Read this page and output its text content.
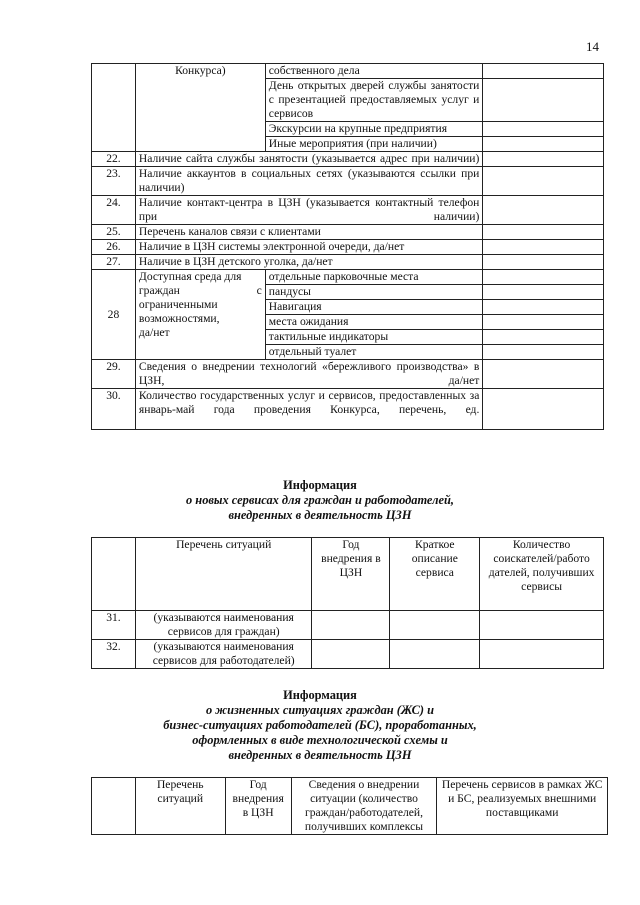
14
	Конкурса)	собственного дела	
		День открытых дверей службы занятости с презентацией предоставляемых услуг и сервисов	
		Экскурсии на крупные предприятия	
		Иные мероприятия (при наличии)	
22.	Наличие сайта службы занятости (указывается адрес при наличии)		
23.	Наличие аккаунтов в социальных сетях (указываются ссылки при наличии)		
24.	Наличие контакт-центра в ЦЗН (указывается контактный телефон при наличии)		
25.	Перечень каналов связи с клиентами		
26.	Наличие в ЦЗН системы электронной очереди, да/нет		
27.	Наличие в ЦЗН детского уголка, да/нет		
28	Доступная среда для
граждан с
ограниченными
возможностями,
да/нет	отдельные парковочные места	
		пандусы	
		Навигация	
		места ожидания	
		тактильные индикаторы	
		отдельный туалет	
29.	Сведения о внедрении технологий «бережливого производства» в ЦЗН, да/нет		
30.	Количество государственных услуг и сервисов, предоставленных за январь-май года проведения Конкурса, перечень, ед.		
Информация
о новых сервисах для граждан и работодателей,
внедренных в деятельность ЦЗН
	Перечень ситуаций	Год внедрения в ЦЗН	Краткое описание сервиса	Количество соискателей/работо дателей, получивших сервисы
31.	(указываются наименования сервисов для граждан)			
32.	(указываются наименования сервисов для работодателей)			
Информация
о жизненных ситуациях граждан (ЖС) и
бизнес-ситуациях работодателей (БС), проработанных,
оформленных в виде технологической схемы и
внедренных в деятельность ЦЗН
	Перечень ситуаций	Год внедрения в ЦЗН	Сведения о внедрении ситуации (количество граждан/работодателей, получивших комплексы	Перечень сервисов в рамках ЖС и БС, реализуемых внешними поставщиками
